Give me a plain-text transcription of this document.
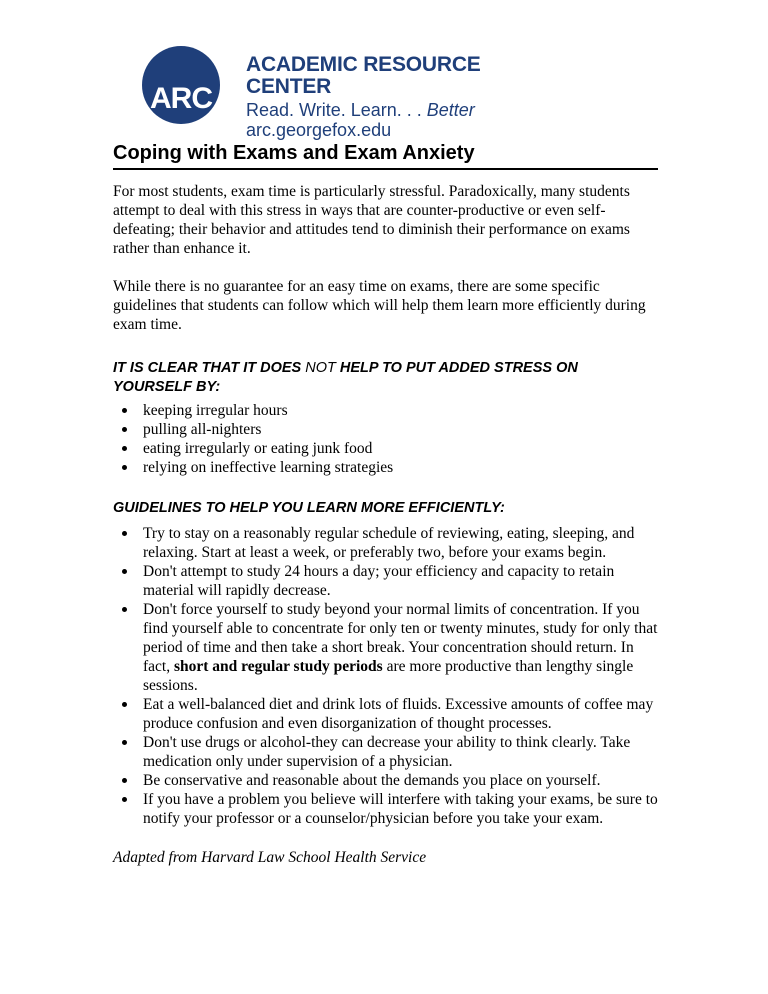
ARC
ACADEMIC RESOURCE CENTER
Read. Write. Learn. . . Better
arc.georgefox.edu
Coping with Exams and Exam Anxiety

For most students, exam time is particularly stressful. Paradoxically, many students attempt to deal with this stress in ways that are counter-productive or even self-defeating; their behavior and attitudes tend to diminish their performance on exams rather than enhance it.

While there is no guarantee for an easy time on exams, there are some specific guidelines that students can follow which will help them learn more efficiently during exam time.

IT IS CLEAR THAT IT DOES NOT HELP TO PUT ADDED STRESS ON YOURSELF BY:
keeping irregular hours
pulling all-nighters
eating irregularly or eating junk food
relying on ineffective learning strategies
GUIDELINES TO HELP YOU LEARN MORE EFFICIENTLY:
Try to stay on a reasonably regular schedule of reviewing, eating, sleeping, and relaxing. Start at least a week, or preferably two, before your exams begin.
Don't attempt to study 24 hours a day; your efficiency and capacity to retain material will rapidly decrease.
Don't force yourself to study beyond your normal limits of concentration. If you find yourself able to concentrate for only ten or twenty minutes, study for only that period of time and then take a short break. Your concentration should return. In fact, short and regular study periods are more productive than lengthy single sessions.
Eat a well-balanced diet and drink lots of fluids. Excessive amounts of coffee may produce confusion and even disorganization of thought processes.
Don't use drugs or alcohol-they can decrease your ability to think clearly. Take medication only under supervision of a physician.
Be conservative and reasonable about the demands you place on yourself.
If you have a problem you believe will interfere with taking your exams, be sure to notify your professor or a counselor/physician before you take your exam.

Adapted from Harvard Law School Health Service
